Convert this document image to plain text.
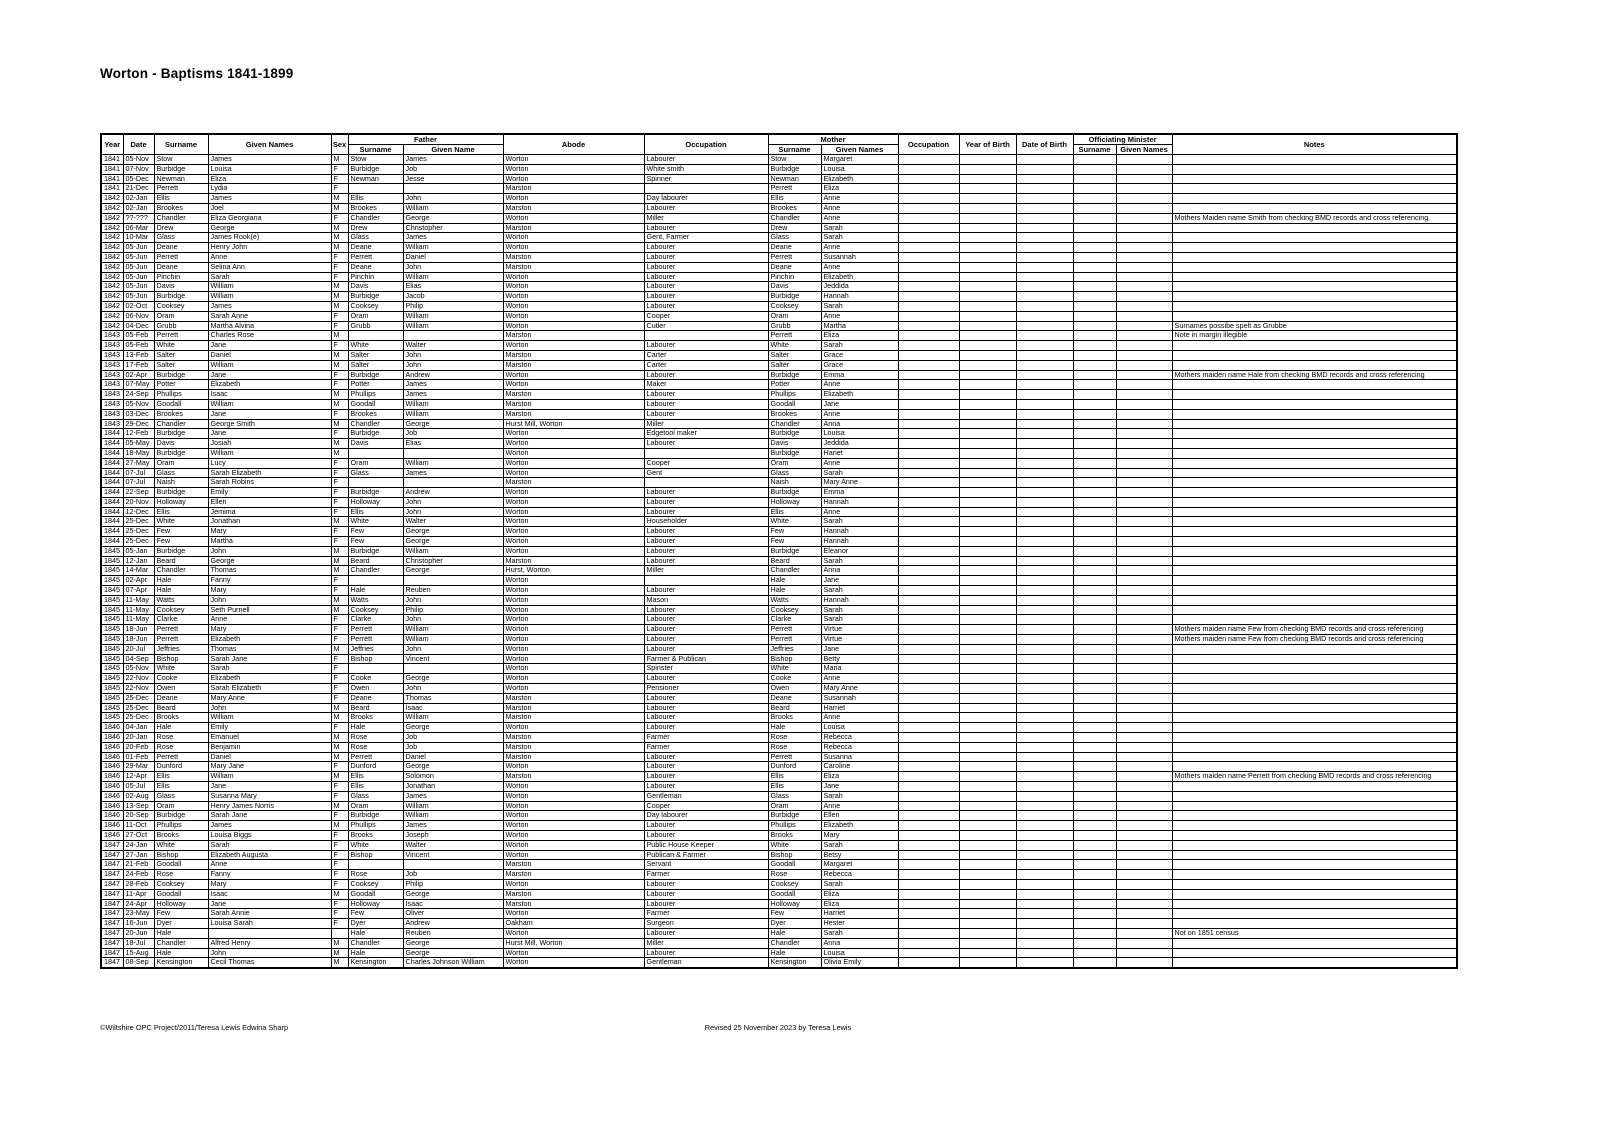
Worton - Baptisms 1841-1899
Year	Date	Surname	Given Names	Sex	Father		Abode	Occupation	Mother		Occupation	Year of Birth	Date of Birth	Officiating Minister		Notes
					Surname	Given Name			Surname	Given Names				Surname	Given Names	
1841	05-Nov	Stow	James	M	Stow	James	Worton	Labourer	Stow	Margaret						
1841	07-Nov	Burbidge	Louisa	F	Burbidge	Job	Worton	White smith	Burbidge	Louisa						
1841	05-Dec	Newman	Eliza	F	Newman	Jesse	Worton	Spinner	Newman	Elizabeth						
1841	21-Dec	Perrett	Lydia	F			Marston		Perrett	Eliza						
1842	02-Jan	Ellis	James	M	Ellis	John	Worton	Day labourer	Ellis	Anne						
1842	02-Jan	Brookes	Joel	M	Brookes	William	Marston	Labourer	Brookes	Anne						
1842	??-???	Chandler	Eliza Georgiana	F	Chandler	George	Worton	Miller	Chandler	Anne						Mothers Maiden name Smith from checking BMD records and cross referencing
1842	06-Mar	Drew	George	M	Drew	Christopher	Marston	Labourer	Drew	Sarah						
1842	10-Mar	Glass	James Rook(e)	M	Glass	James	Worton	Gent, Farmer	Glass	Sarah						
1842	05-Jun	Deane	Henry John	M	Deane	William	Worton	Labourer	Deane	Anne						
1842	05-Jun	Perrett	Anne	F	Perrett	Daniel	Marston	Labourer	Perrett	Susannah						
1842	05-Jun	Deane	Selina Ann	F	Deane	John	Marston	Labourer	Deane	Anne						
1842	05-Jun	Pinchin	Sarah	F	Pinchin	William	Worton	Labourer	Pinchin	Elizabeth						
1842	05-Jun	Davis	William	M	Davis	Elias	Worton	Labourer	Davis	Jeddida						
1842	05-Jun	Burbidge	William	M	Burbidge	Jacob	Worton	Labourer	Burbidge	Hannah						
1842	02-Oct	Cooksey	James	M	Cooksey	Philip	Worton	Labourer	Cooksey	Sarah						
1842	06-Nov	Oram	Sarah Anne	F	Oram	William	Worton	Cooper	Oram	Anne						
1842	04-Dec	Grubb	Martha Alvina	F	Grubb	William	Worton	Cutler	Grubb	Martha						Surnames possibe spelt as Grubbe
1843	05-Feb	Perrett	Charles Rose	M			Marston		Perrett	Eliza						Note in margin illegible
1843	05-Feb	White	Jane	F	White	Walter	Worton	Labourer	White	Sarah						
1843	13-Feb	Salter	Daniel	M	Salter	John	Marston	Carter	Salter	Grace						
1843	17-Feb	Salter	William	M	Salter	John	Marston	Carter	Salter	Grace						
1843	02-Apr	Burbidge	Jane	F	Burbidge	Andrew	Worton	Labourer	Burbidge	Emma						Mothers maiden name Hale from checking BMD records and cross referencing
1843	07-May	Potter	Elizabeth	F	Potter	James	Worton	Maker	Potter	Anne						
1843	24-Sep	Phullips	Isaac	M	Phullips	James	Marston	Labourer	Phullips	Elizabeth						
1843	05-Nov	Goodall	William	M	Goodall	William	Marston	Labourer	Goodall	Jane						
1843	03-Dec	Brookes	Jane	F	Brookes	William	Marston	Labourer	Brookes	Anne						
1843	29-Dec	Chandler	George Smith	M	Chandler	George	Hurst Mill, Worton	Miller	Chandler	Anna						
1844	12-Feb	Burbidge	Jane	F	Burbidge	Job	Worton	Edgetool maker	Burbidge	Louisa						
1844	05-May	Davis	Josiah	M	Davis	Elias	Worton	Labourer	Davis	Jeddida						
1844	18-May	Burbidge	William	M			Worton		Burbidge	Hariet						
1844	27-May	Oram	Lucy	F	Oram	William	Worton	Cooper	Oram	Anne						
1844	07-Jul	Glass	Sarah Elizabeth	F	Glass	James	Worton	Gent	Glass	Sarah						
1844	07-Jul	Naish	Sarah Robins	F			Marston		Naish	Mary Anne						
1844	22-Sep	Burbidge	Emily	F	Burbidge	Andrew	Worton	Labourer	Burbidge	Emma						
1844	20-Nov	Holloway	Ellen	F	Holloway	John	Worton	Labourer	Holloway	Hannah						
1844	12-Dec	Ellis	Jemima	F	Ellis	John	Worton	Labourer	Ellis	Anne						
1844	25-Dec	White	Jonathan	M	White	Walter	Worton	Householder	White	Sarah						
1844	25-Dec	Few	Mary	F	Few	George	Worton	Labourer	Few	Hannah						
1844	25-Dec	Few	Martha	F	Few	George	Worton	Labourer	Few	Hannah						
1845	05-Jan	Burbidge	John	M	Burbidge	William	Worton	Labourer	Burbidge	Eleanor						
1845	12-Jan	Beard	George	M	Beard	Christopher	Marston	Labourer	Beard	Sarah						
1845	14-Mar	Chandler	Thomas	M	Chandler	George	Hurst, Worton	Miller	Chandler	Anna						
1845	02-Apr	Hale	Fanny	F			Worton		Hale	Jane						
1845	07-Apr	Hale	Mary	F	Hale	Reuben	Worton	Labourer	Hale	Sarah						
1845	11-May	Watts	John	M	Watts	John	Worton	Mason	Watts	Hannah						
1845	11-May	Cooksey	Seth Purnell	M	Cooksey	Philip	Worton	Labourer	Cooksey	Sarah						
1845	11-May	Clarke	Anne	F	Clarke	John	Worton	Labourer	Clarke	Sarah						
1845	18-Jun	Perrett	Mary	F	Perrett	William	Worton	Labourer	Perrett	Virtue						Mothers maiden name Few from checking BMD records and cross referencing
1845	18-Jun	Perrett	Elizabeth	F	Perrett	William	Worton	Labourer	Perrett	Virtue						Mothers maiden name Few from checking BMD records and cross referencing
1845	20-Jul	Jeffries	Thomas	M	Jeffries	John	Worton	Labourer	Jeffries	Jane						
1845	04-Sep	Bishop	Sarah Jane	F	Bishop	Vincent	Worton	Farmer & Publican	Bishop	Betty						
1845	05-Nov	White	Sarah	F			Worton	Spinster	White	Maria						
1845	22-Nov	Cooke	Elizabeth	F	Cooke	George	Worton	Labourer	Cooke	Anne						
1845	22-Nov	Owen	Sarah Elizabeth	F	Owen	John	Worton	Pensioner	Owen	Mary Anne						
1845	25-Dec	Deane	Mary Anne	F	Deane	Thomas	Marston	Labourer	Deane	Susannah						
1845	25-Dec	Beard	John	M	Beard	Isaac	Marston	Labourer	Beard	Harriet						
1845	25-Dec	Brooks	William	M	Brooks	William	Marston	Labourer	Brooks	Anne						
1846	04-Jan	Hale	Emily	F	Hale	George	Worton	Labourer	Hale	Louisa						
1846	20-Jan	Rose	Emanuel	M	Rose	Job	Marston	Farmer	Rose	Rebecca						
1846	20-Feb	Rose	Benjamin	M	Rose	Job	Marston	Farmer	Rose	Rebecca						
1846	01-Feb	Perrett	Daniel	M	Perrett	Daniel	Marston	Labourer	Perrett	Susanna						
1846	29-Mar	Dunford	Mary Jane	F	Dunford	George	Worton	Labourer	Dunford	Caroline						
1846	12-Apr	Ellis	William	M	Ellis	Solomon	Marston	Labourer	Ellis	Eliza						Mothers maiden name Perrett from checking BMD records and cross referencing
1846	05-Jul	Ellis	Jane	F	Ellis	Jonathan	Worton	Labourer	Ellis	Jane						
1846	02-Aug	Glass	Susanna Mary	F	Glass	James	Worton	Gentleman	Glass	Sarah						
1846	13-Sep	Oram	Henry James Norris	M	Oram	William	Worton	Cooper	Oram	Anne						
1846	20-Sep	Burbidge	Sarah Jane	F	Burbidge	William	Worton	Day labourer	Burbidge	Ellen						
1846	11-Oct	Phullips	James	M	Phullips	James	Worton	Labourer	Phullips	Elizabeth						
1846	27-Oct	Brooks	Louisa Biggs	F	Brooks	Joseph	Worton	Labourer	Brooks	Mary						
1847	24-Jan	White	Sarah	F	White	Walter	Worton	Public House Keeper	White	Sarah						
1847	27-Jan	Bishop	Elizabeth Augusta	F	Bishop	Vincent	Worton	Publican & Farmer	Bishop	Betsy						
1847	21-Feb	Goodall	Anne	F			Marston	Servant	Goodall	Margaret						
1847	24-Feb	Rose	Fanny	F	Rose	Job	Marston	Farmer	Rose	Rebecca						
1847	28-Feb	Cooksey	Mary	F	Cooksey	Philip	Worton	Labourer	Cooksey	Sarah						
1847	11-Apr	Goodall	Isaac	M	Goodall	George	Marston	Labourer	Goodall	Eliza						
1847	24-Apr	Holloway	Jane	F	Holloway	Isaac	Marston	Labourer	Holloway	Eliza						
1847	23-May	Few	Sarah Annie	F	Few	Oliver	Worton	Farmer	Few	Harriet						
1847	16-Jun	Dyer	Louisa Sarah	F	Dyer	Andrew	Oakham	Surgeon	Dyer	Hester						
1847	20-Jun	Hale			Hale	Reuben	Worton	Labourer	Hale	Sarah						Not on 1851 census
1847	18-Jul	Chandler	Alfred Henry	M	Chandler	George	Hurst Mill, Worton	Miller	Chandler	Anna						
1847	15-Aug	Hale	John	M	Hale	George	Worton	Labourer	Hale	Louisa						
1847	08-Sep	Kensington	Cecil Thomas	M	Kensington	Charles Johnson William	Worton	Gentleman	Kensington	Olivia Emily						
©Wiltshire OPC Project/2011/Teresa Lewis Edwina Sharp	Revised 25 November 2023 by Teresa Lewis
